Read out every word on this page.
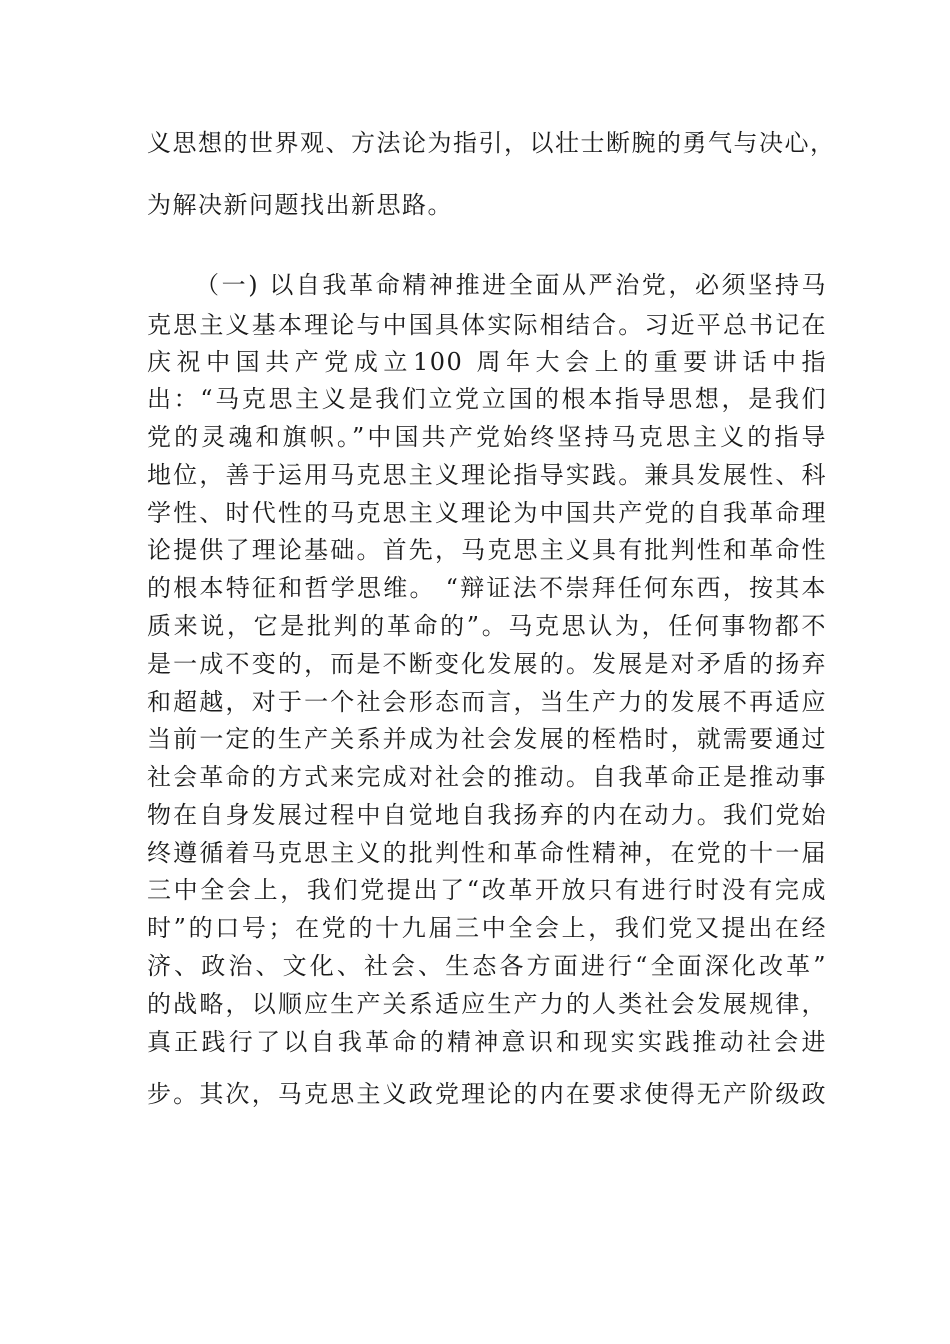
义思想的世界观、方法论为指引，以壮士断腕的勇气与决心，
为解决新问题找出新思路。
（一) 以自我革命精神推进全面从严治党，必须坚持马
克思主义基本理论与中国具体实际相结合。习近平总书记在
庆祝中国共产党成立100 周年大会上的重要讲话中指
出：“马克思主义是我们立党立国的根本指导思想，是我们
党的灵魂和旗帜。”中国共产党始终坚持马克思主义的指导
地位，善于运用马克思主义理论指导实践。兼具发展性、科
学性、时代性的马克思主义理论为中国共产党的自我革命理
论提供了理论基础。首先，马克思主义具有批判性和革命性
的根本特征和哲学思维。 “辩证法不崇拜任何东西，按其本
质来说，它是批判的革命的”。马克思认为，任何事物都不
是一成不变的，而是不断变化发展的。发展是对矛盾的扬弃
和超越，对于一个社会形态而言，当生产力的发展不再适应
当前一定的生产关系并成为社会发展的桎梏时，就需要通过
社会革命的方式来完成对社会的推动。自我革命正是推动事
物在自身发展过程中自觉地自我扬弃的内在动力。我们党始
终遵循着马克思主义的批判性和革命性精神，在党的十一届
三中全会上，我们党提出了“改革开放只有进行时没有完成
时”的口号；在党的十九届三中全会上，我们党又提出在经
济、政治、文化、社会、生态各方面进行“全面深化改革”
的战略，以顺应生产关系适应生产力的人类社会发展规律，
真正践行了以自我革命的精神意识和现实实践推动社会进
步。其次，马克思主义政党理论的内在要求使得无产阶级政
